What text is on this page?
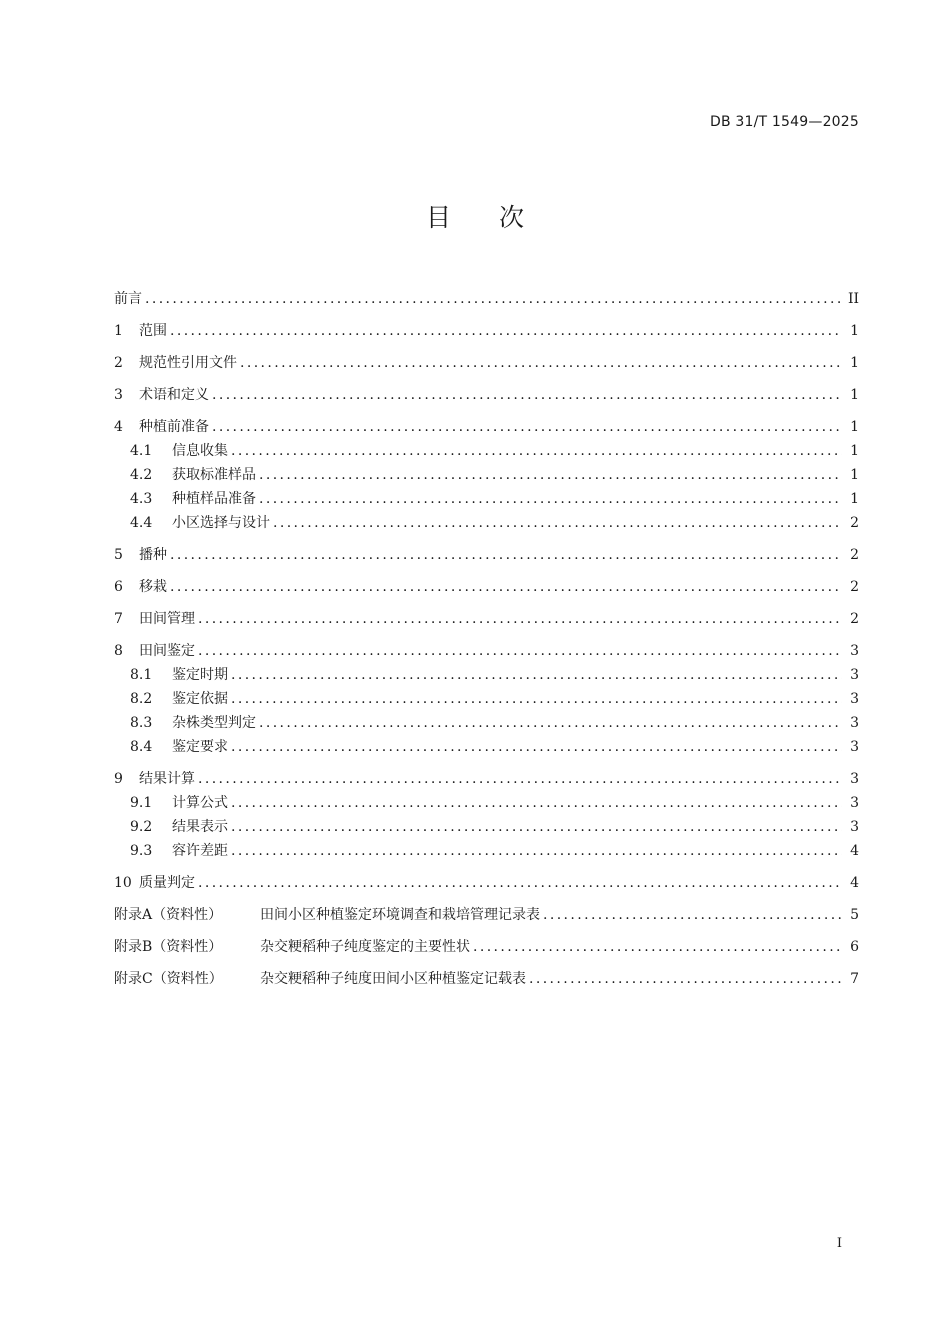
DB 31/T 1549—2025
目 次
前言 .....	II
1	范围 .....	1
2	规范性引用文件 .....	1
3	术语和定义 .....	1
4	种植前准备 .....	1
4.1	信息收集 .....	1
4.2	获取标准样品 .....	1
4.3	种植样品准备 .....	1
4.4	小区选择与设计 .....	2
5	播种 .....	2
6	移栽 .....	2
7	田间管理 .....	2
8	田间鉴定 .....	3
8.1	鉴定时期 .....	3
8.2	鉴定依据 .....	3
8.3	杂株类型判定 .....	3
8.4	鉴定要求 .....	3
9	结果计算 .....	3
9.1	计算公式 .....	3
9.2	结果表示 .....	3
9.3	容许差距 .....	4
10 质量判定 .....	4
附录A（资料性）	田间小区种植鉴定环境调查和栽培管理记录表 .....	5
附录B（资料性）	杂交粳稻种子纯度鉴定的主要性状 .....	6
附录C（资料性）	杂交粳稻种子纯度田间小区种植鉴定记载表 .....	7
I
